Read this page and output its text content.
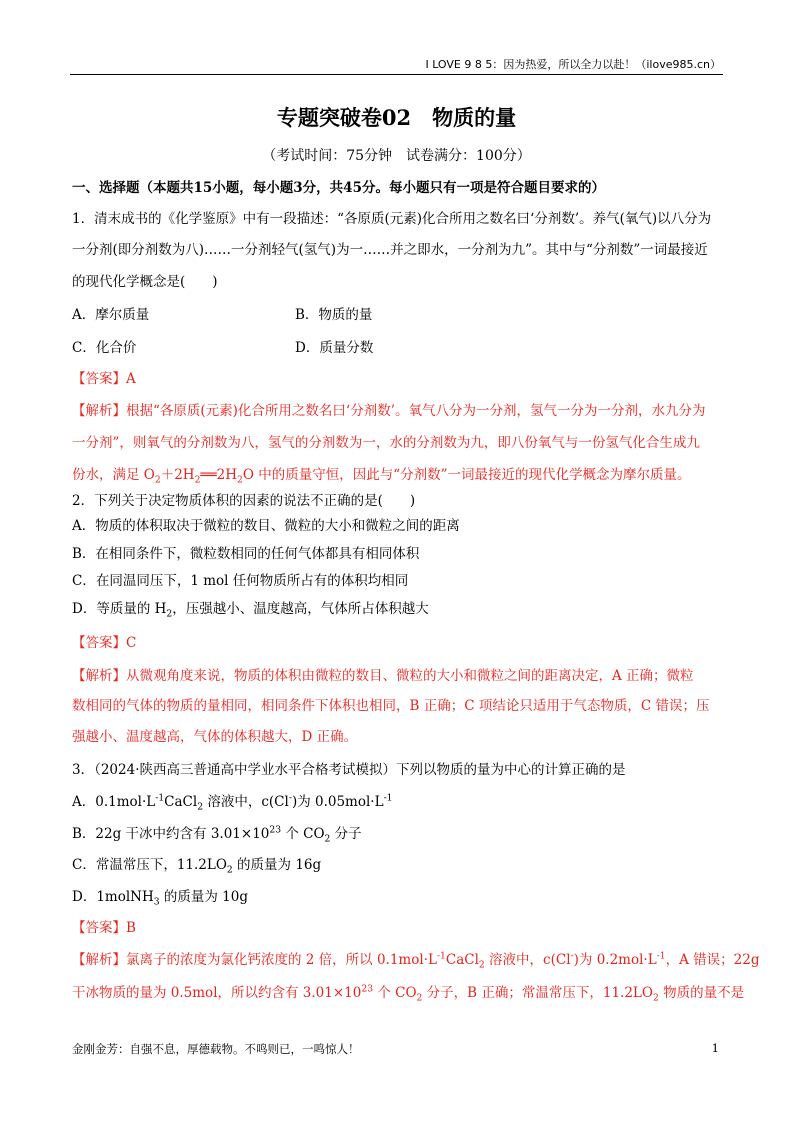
I LOVE 9 8 5：因为热爱，所以全力以赴！（ilove985.cn）
专题突破卷02　物质的量
（考试时间：75分钟　试卷满分：100分）
一、选择题（本题共15小题，每小题3分，共45分。每小题只有一项是符合题目要求的）
1．清末成书的《化学鉴原》中有一段描述：“各原质(元素)化合所用之数名曰‘分剂数’。养气(氧气)以八分为
一分剂(即分剂数为八)……一分剂轻气(氢气)为一……并之即水，一分剂为九”。其中与“分剂数”一词最接近
的现代化学概念是(　　)
A．摩尔质量	B．物质的量
C．化合价	D．质量分数
【答案】A
【解析】根据“各原质(元素)化合所用之数名曰‘分剂数’。氧气八分为一分剂，氢气一分为一分剂，水九分为
一分剂”，则氧气的分剂数为八，氢气的分剂数为一，水的分剂数为九，即八份氧气与一份氢气化合生成九
份水，满足 $O_2+2H_2══2H_2O$ 中的质量守恒，因此与“分剂数”一词最接近的现代化学概念为摩尔质量。
2．下列关于决定物质体积的因素的说法不正确的是(　　)
A．物质的体积取决于微粒的数目、微粒的大小和微粒之间的距离
B．在相同条件下，微粒数相同的任何气体都具有相同体积
C．在同温同压下，1 mol 任何物质所占有的体积均相同
D．等质量的 $H_2$，压强越小、温度越高，气体所占体积越大
【答案】C
【解析】从微观角度来说，物质的体积由微粒的数目、微粒的大小和微粒之间的距离决定，A 正确；微粒
数相同的气体的物质的量相同，相同条件下体积也相同，B 正确；C 项结论只适用于气态物质，C 错误；压
强越小、温度越高，气体的体积越大，D 正确。
3．（2024·陕西高三普通高中学业水平合格考试模拟）下列以物质的量为中心的计算正确的是
A．$0.1mol\cdot L^{-1}CaCl_2$ 溶液中，c(Cl-)为 $0.05mol\cdot L^{-1}$
B．22g 干冰中约含有 $3.01\times 10^{23}$ 个 $CO_2$ 分子
C．常温常压下，$11.2LO_2$ 的质量为 16g
D．1molNH$_3$ 的质量为 10g
【答案】B
【解析】氯离子的浓度为氯化钙浓度的 2 倍，所以 $0.1mol\cdot L^{-1}CaCl_2$ 溶液中，c(Cl-)为 $0.2mol\cdot L^{-1}$，A 错误；22g
干冰物质的量为 0.5mol，所以约含有 $3.01\times 10^{23}$ 个 $CO_2$ 分子，B 正确；常温常压下，$11.2LO_2$ 物质的量不是
金刚金芳：自强不息，厚德载物。不鸣则已，一鸣惊人！	1
